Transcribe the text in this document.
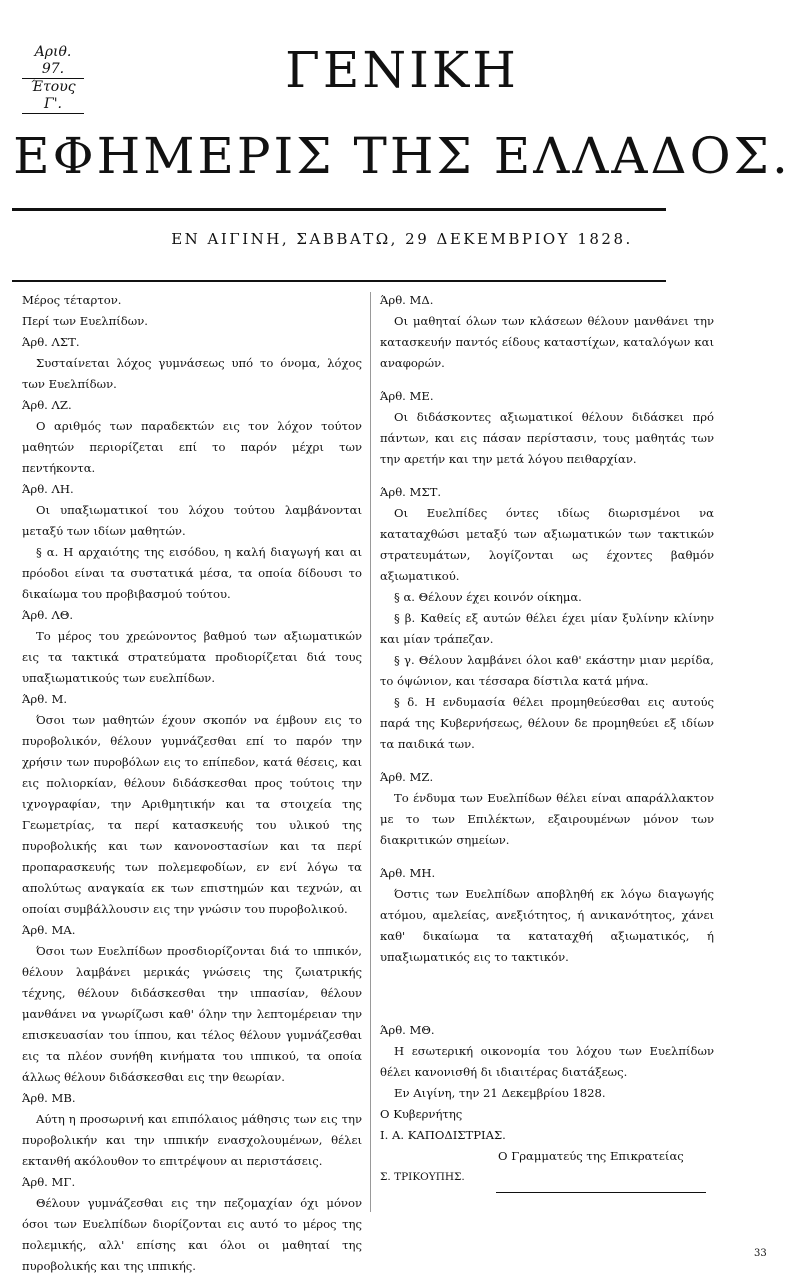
Αριθ. 97.
Έτους Γ'.
ΓΕΝΙΚΗ
ΕΦΗΜΕΡΙΣ ΤΗΣ ΕΛΛΑΔΟΣ.
ΕΝ ΑΙΓΙΝΗ, ΣΑΒΒΑΤΩ, 29 ΔΕΚΕΜΒΡΙΟΥ 1828.

Μέρος τέταρτον.

Περί των Ευελπίδων.

Άρθ. ΛΣΤ.

Συσταίνεται λόχος γυμνάσεως υπό το όνομα, λόχος των Ευελπίδων.

Άρθ. ΛΖ.

Ο αριθμός των παραδεκτών εις τον λόχον τούτον μαθητών περιορίζεται επί το παρόν μέχρι των πεντήκοντα.

Άρθ. ΛΗ.

Οι υπαξιωματικοί του λόχου τούτου λαμβάνονται μεταξύ των ιδίων μαθητών.

§ α. Η αρχαιότης της εισόδου, η καλή διαγωγή και αι πρόοδοι είναι τα συστατικά μέσα, τα οποία δίδουσι το δικαίωμα του προβιβασμού τούτου.

Άρθ. ΛΘ.

Το μέρος του χρεώνοντος βαθμού των αξιωματικών εις τα τακτικά στρατεύματα προδιορίζεται διά τους υπαξιωματικούς των ευελπίδων.

Άρθ. Μ.

Όσοι των μαθητών έχουν σκοπόν να έμβουν εις το πυροβολικόν, θέλουν γυμνάζεσθαι επί το παρόν την χρήσιν των πυροβόλων εις το επίπεδον, κατά θέσεις, και εις πολιορκίαν, θέλουν διδάσκεσθαι προς τούτοις την ιχνογραφίαν, την Αριθμητικήν και τα στοιχεία της Γεωμετρίας, τα περί κατασκευής του υλικού της πυροβολικής και των κανονοστασίων και τα περί προπαρασκευής των πολεμεφοδίων, εν ενί λόγω τα απολύτως αναγκαία εκ των επιστημών και τεχνών, αι οποίαι συμβάλλουσιν εις την γνώσιν του πυροβολικού.

Άρθ. ΜΑ.

Όσοι των Ευελπίδων προσδιορίζονται διά το ιππικόν, θέλουν λαμβάνει μερικάς γνώσεις της ζωιατρικής τέχνης, θέλουν διδάσκεσθαι την ιππασίαν, θέλουν μανθάνει να γνωρίζωσι καθ' όλην την λεπτομέρειαν την επισκευασίαν του ίππου, και τέλος θέλουν γυμνάζεσθαι εις τα πλέον συνήθη κινήματα του ιππικού, τα οποία άλλως θέλουν διδάσκεσθαι εις την θεωρίαν.

Άρθ. ΜΒ.

Αύτη η προσωρινή και επιπόλαιος μάθησις των εις την πυροβολικήν και την ιππικήν ενασχολουμένων, θέλει εκτανθή ακόλουθον το επιτρέψουν αι περιστάσεις.

Άρθ. ΜΓ.

Θέλουν γυμνάζεσθαι εις την πεζομαχίαν όχι μόνον όσοι των Ευελπίδων διορίζονται εις αυτό το μέρος της πολεμικής, αλλ' επίσης και όλοι οι μαθηταί της πυροβολικής και της ιππικής.

Άρθ. ΜΔ.

Οι μαθηταί όλων των κλάσεων θέλουν μανθάνει την κατασκευήν παντός είδους καταστίχων, καταλόγων και αναφορών.

Άρθ. ΜΕ.

Οι διδάσκοντες αξιωματικοί θέλουν διδάσκει πρό πάντων, και εις πάσαν περίστασιν, τους μαθητάς των την αρετήν και την μετά λόγου πειθαρχίαν.

Άρθ. ΜΣΤ.

Οι Ευελπίδες όντες ιδίως διωρισμένοι να καταταχθώσι μεταξύ των αξιωματικών των τακτικών στρατευμάτων, λογίζονται ως έχοντες βαθμόν αξιωματικού.

§ α. Θέλουν έχει κοινόν οίκημα.

§ β. Καθείς εξ αυτών θέλει έχει μίαν ξυλίνην κλίνην και μίαν τράπεζαν.

§ γ. Θέλουν λαμβάνει όλοι καθ' εκάστην μιαν μερίδα, το όψώνιον, και τέσσαρα δίστιλα κατά μήνα.

§ δ. Η ενδυμασία θέλει προμηθεύεσθαι εις αυτούς παρά της Κυβερνήσεως, θέλουν δε προμηθεύει εξ ιδίων τα παιδικά των.

Άρθ. ΜΖ.

Το ένδυμα των Ευελπίδων θέλει είναι απαράλλακτον με το των Επιλέκτων, εξαιρουμένων μόνον των διακριτικών σημείων.

Άρθ. ΜΗ.

Όστις των Ευελπίδων αποβληθή εκ λόγω διαγωγής ατόμου, αμελείας, ανεξιότητος, ή ανικανότητος, χάνει καθ' δικαίωμα τα καταταχθή αξιωματικός, ή υπαξιωματικός εις το τακτικόν.

Άρθ. ΜΘ.

Η εσωτερική οικονομία του λόχου των Ευελπίδων θέλει κανονισθή δι ιδιαιτέρας διατάξεως.

Εν Αιγίνη, την 21 Δεκεμβρίου 1828.

Ο Κυβερνήτης

Ι. Α. ΚΑΠΟΔΙΣΤΡΙΑΣ.

Ο Γραμματεύς της Επικρατείας

Σ. ΤΡΙΚΟΥΠΗΣ.

33
